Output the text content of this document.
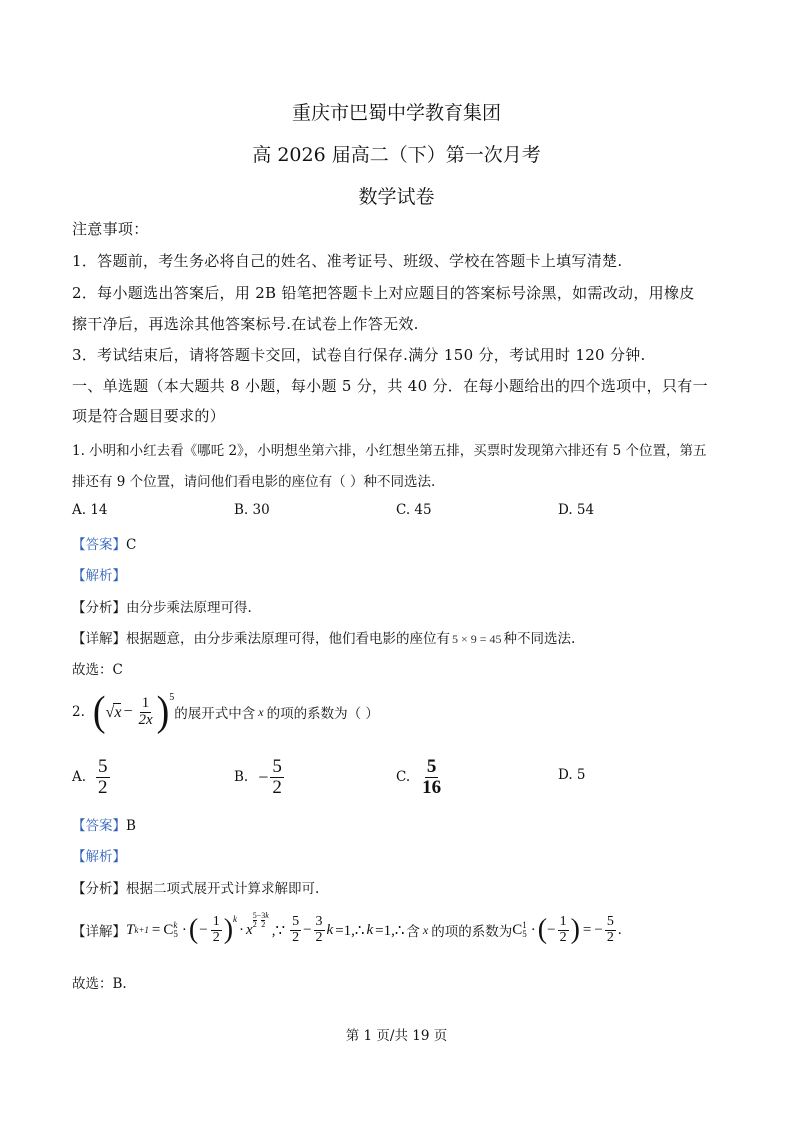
重庆市巴蜀中学教育集团
高 2026 届高二（下）第一次月考
数学试卷
注意事项：
1．答题前，考生务必将自己的姓名、准考证号、班级、学校在答题卡上填写清楚.
2．每小题选出答案后，用 2B 铅笔把答题卡上对应题目的答案标号涂黑，如需改动，用橡皮
擦干净后，再选涂其他答案标号.在试卷上作答无效.
3．考试结束后，请将答题卡交回，试卷自行保存.满分 150 分，考试用时 120 分钟.
一、单选题（本大题共 8 小题，每小题 5 分，共 40 分．在每小题给出的四个选项中，只有一
项是符合题目要求的）
1. 小明和小红去看《哪吒 2》，小明想坐第六排，小红想坐第五排，买票时发现第六排还有 5 个位置，第五
排还有 9 个位置，请问他们看电影的座位有（ ）种不同选法.
A. 14	B. 30	C. 45	D. 54
【答案】C
【解析】
【分析】由分步乘法原理可得.
【详解】根据题意，由分步乘法原理可得，他们看电影的座位有 5 × 9 = 45 种不同选法.
故选：C
2. ( $√x - \frac{1}{2x}$ ) 5
的展开式中含 x 的项的系数为（ ）
A. $\frac{5}{2}$	B. − $\frac{5}{2}$	C. $\frac{5}{16}$	D. 5
【答案】B
【解析】
【分析】根据二项式展开式计算求解即可.
【详解】 T k+1 = C k
5 · ( − $\frac{1}{2} )^k$
· x
5
2
− $\frac{3}{2}$ k
,∵ $\frac{5}{2} - \frac{3}{2}$ k =1,∴ k =1,∴ 含 x 的项的系数为 C 1
5 · ( − $\frac{1}{2}$ ) = − $\frac{5}{2}$ .
故选：B.
第 1 页/共 19 页
